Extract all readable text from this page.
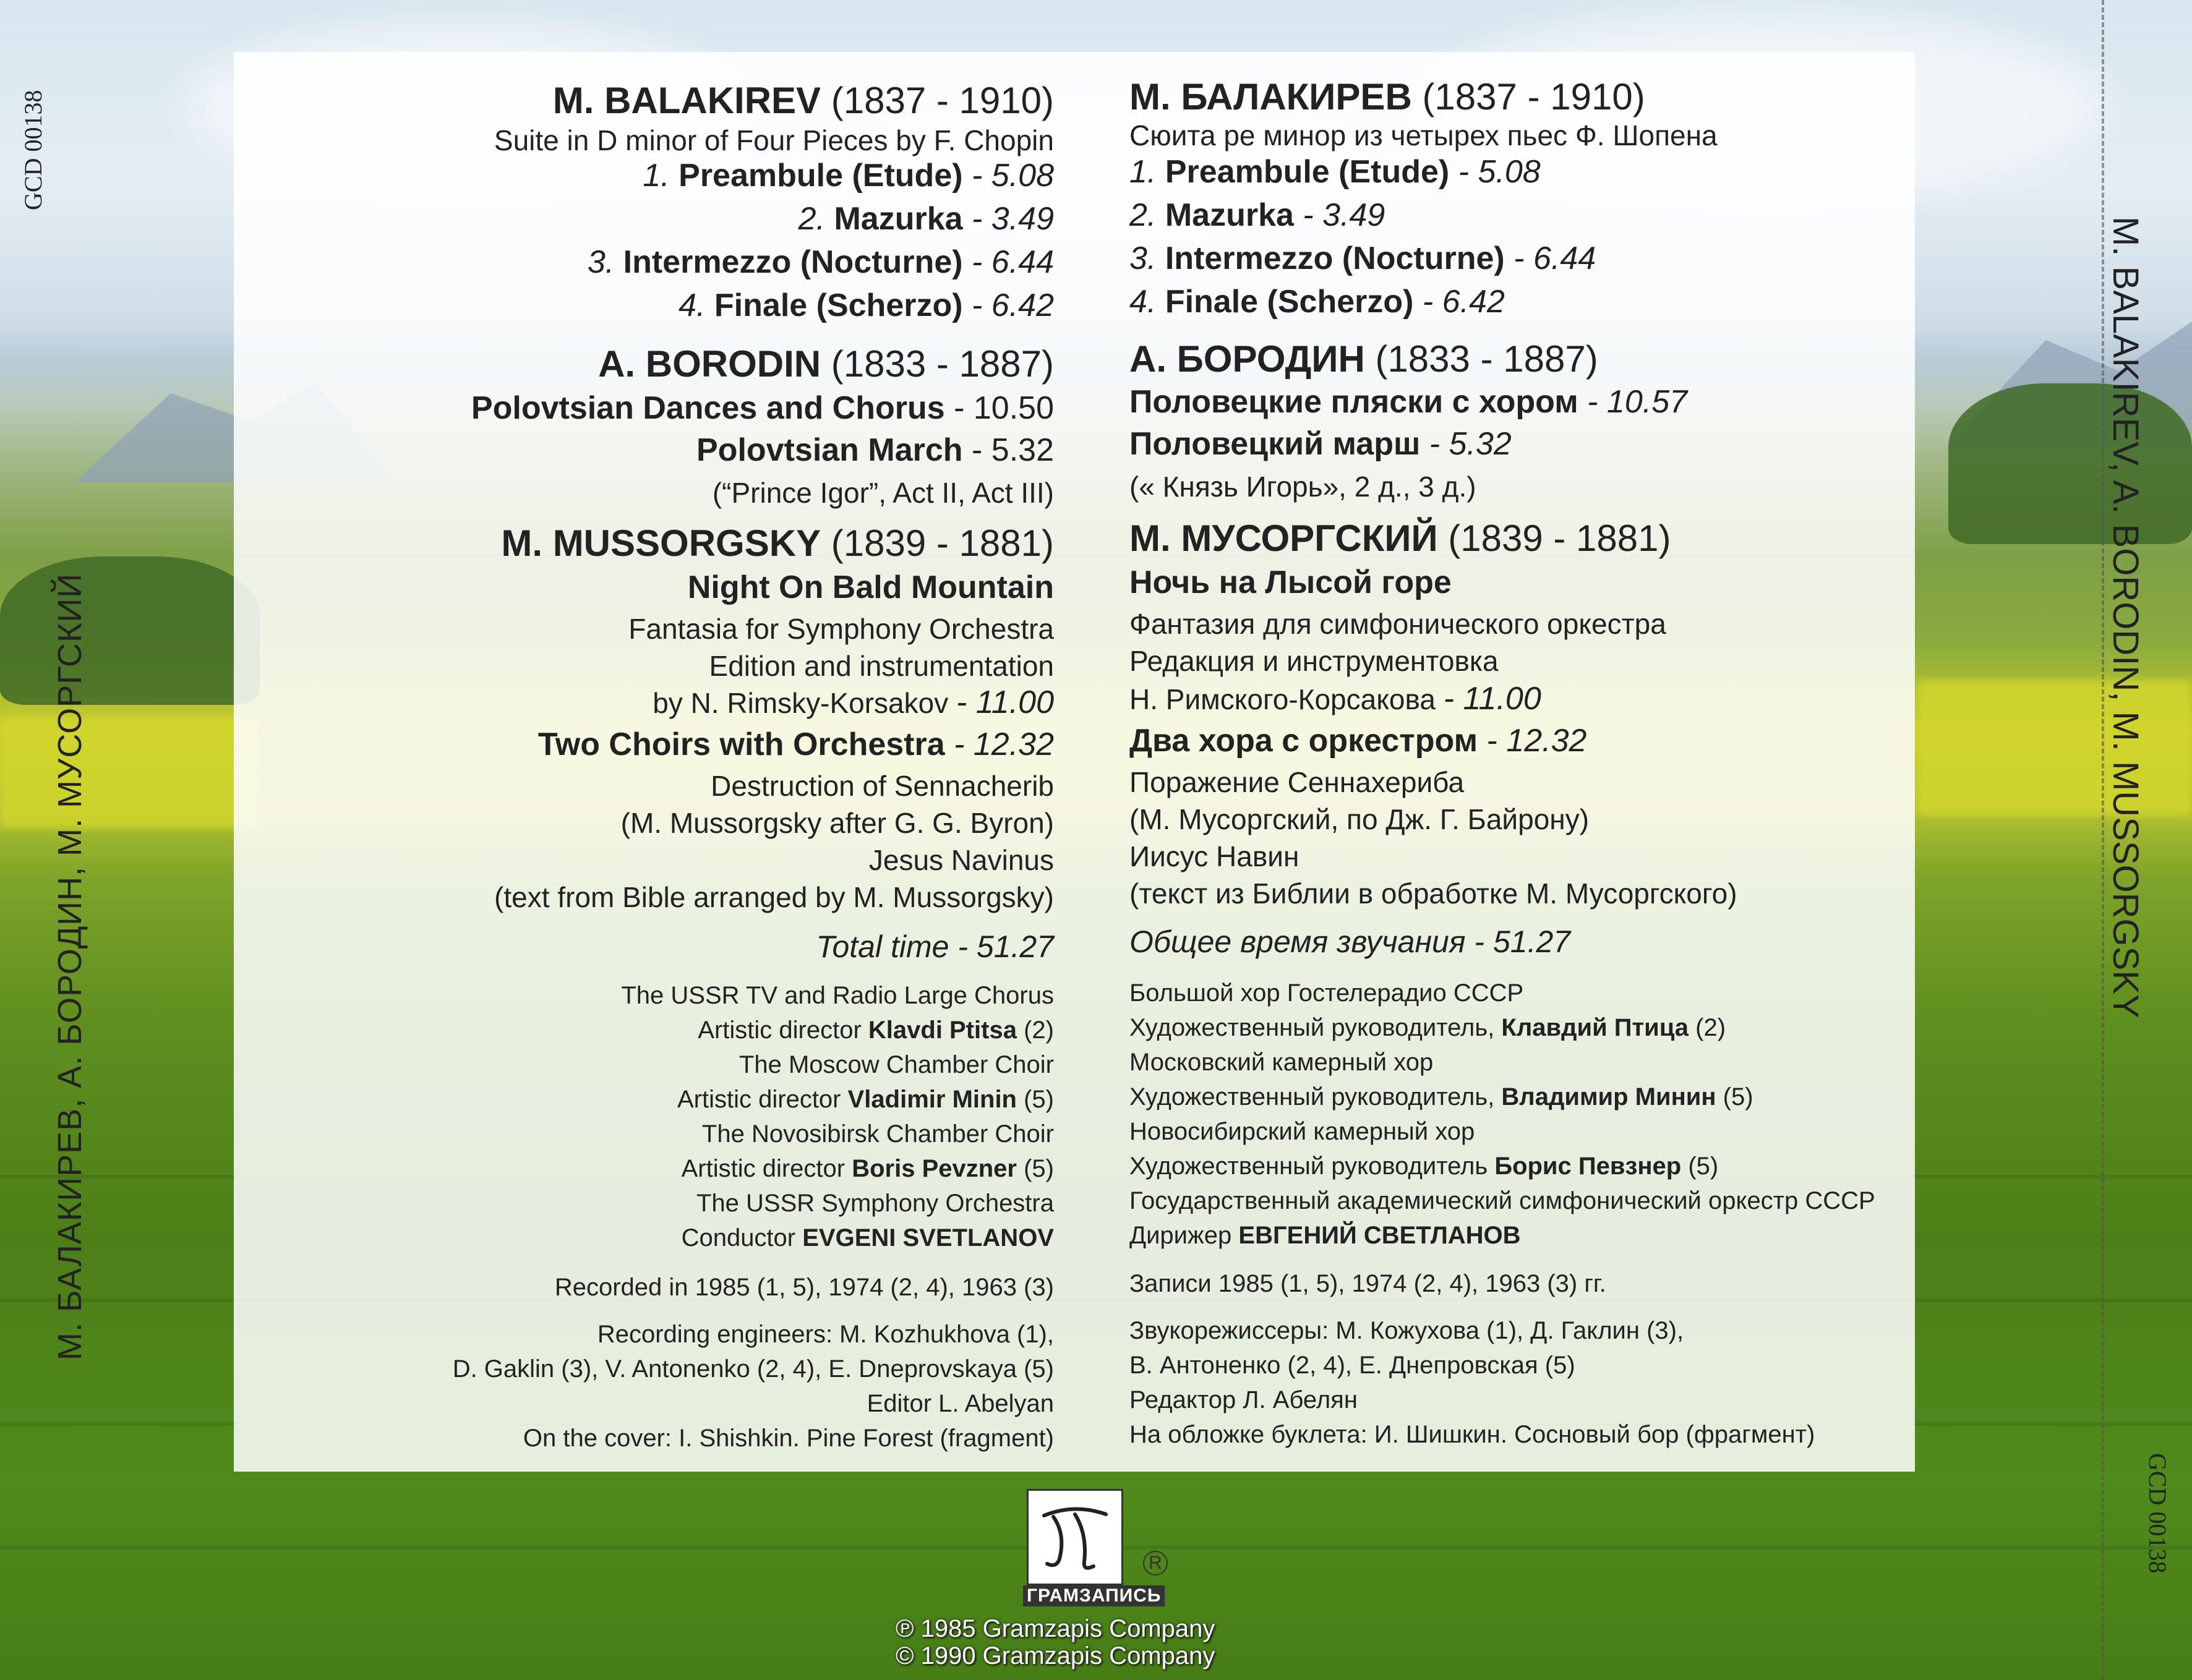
М. БАЛАКИРЕВ, А. БОРОДИН, М. МУСОРГСКИЙ
GCD 00138
M. BALAKIREV, A. BORODIN, M. MUSSORGSKY
GCD 00138
M. BALAKIREV (1837 - 1910)
Suite in D minor of Four Pieces by F. Chopin
1. Preambule (Etude) - 5.08
2. Mazurka - 3.49
3. Intermezzo (Nocturne) - 6.44
4. Finale (Scherzo) - 6.42
A. BORODIN (1833 - 1887)
Polovtsian Dances and Chorus - 10.50
Polovtsian March - 5.32
(“Prince Igor”, Act II, Act III)
M. MUSSORGSKY (1839 - 1881)
Night On Bald Mountain
Fantasia for Symphony Orchestra
Edition and instrumentation
by N. Rimsky-Korsakov - 11.00
Two Choirs with Orchestra - 12.32
Destruction of Sennacherib
(M. Mussorgsky after G. G. Byron)
Jesus Navinus
(text from Bible arranged by M. Mussorgsky)
Total time - 51.27
The USSR TV and Radio Large Chorus
Artistic director Klavdi Ptitsa (2)
The Moscow Chamber Choir
Artistic director Vladimir Minin (5)
The Novosibirsk Chamber Choir
Artistic director Boris Pevzner (5)
The USSR Symphony Orchestra
Conductor EVGENI SVETLANOV
Recorded in 1985 (1, 5), 1974 (2, 4), 1963 (3)
Recording engineers: M. Kozhukhova (1),
D. Gaklin (3), V. Antonenko (2, 4), E. Dneprovskaya (5)
Editor L. Abelyan
On the cover: I. Shishkin. Pine Forest (fragment)
М. БАЛАКИРЕВ (1837 - 1910)
Сюита ре минор из четырех пьес Ф. Шопена
1. Preambule (Etude) - 5.08
2. Mazurka - 3.49
3. Intermezzo (Nocturne) - 6.44
4. Finale (Scherzo) - 6.42
А. БОРОДИН (1833 - 1887)
Половецкие пляски с хором - 10.57
Половецкий марш - 5.32
(« Князь Игорь», 2 д., 3 д.)
М. МУСОРГСКИЙ (1839 - 1881)
Ночь на Лысой горе
Фантазия для симфонического оркестра
Редакция и инструментовка
Н. Римского-Корсакова - 11.00
Два хора с оркестром - 12.32
Поражение Сеннахериба
(М. Мусоргский, по Дж. Г. Байрону)
Иисус Навин
(текст из Библии в обработке М. Мусоргского)
Общее время звучания - 51.27
Большой хор Гостелерадио СССР
Художественный руководитель, Клавдий Птица (2)
Московский камерный хор
Художественный руководитель, Владимир Минин (5)
Новосибирский камерный хор
Художественный руководитель Борис Певзнер (5)
Государственный академический симфонический оркестр СССР
Дирижер ЕВГЕНИЙ СВЕТЛАНОВ
Записи 1985 (1, 5), 1974 (2, 4), 1963 (3) гг.
Звукорежиссеры: М. Кожухова (1), Д. Гаклин (3),
В. Антоненко (2, 4), Е. Днепровская (5)
Редактор Л. Абелян
На обложке буклета: И. Шишкин. Сосновый бор (фрагмент)
ГРАМЗАПИСЬ
R
℗ 1985 Gramzapis Company
© 1990 Gramzapis Company
